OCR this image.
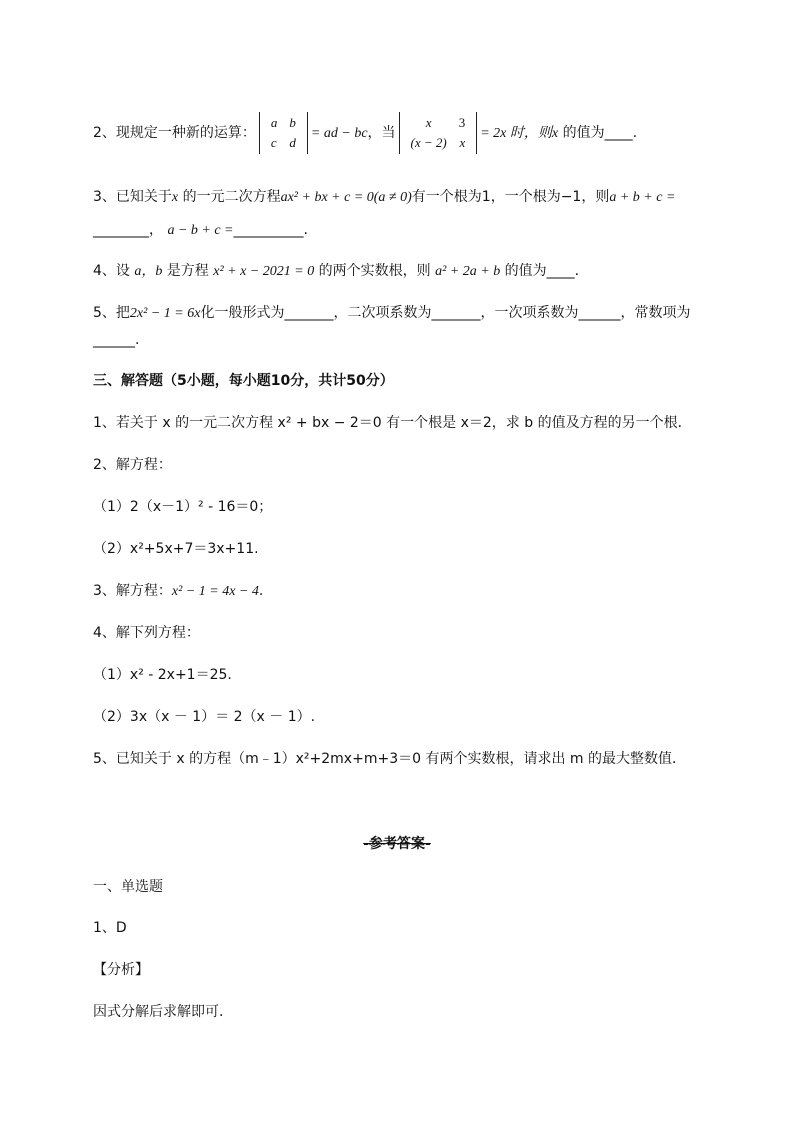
2、现规定一种新的运算：a	b
c	d= ad − bc，当x	3
(x − 2)	x= 2x 时，则x 的值为____.
3、已知关于x 的一元二次方程ax² + bx + c = 0(a ≠ 0)有一个根为1，一个根为−1，则a + b + c =
________， a − b + c =__________.
4、设 a，b 是方程 x² + x − 2021 = 0 的两个实数根，则 a² + 2a + b 的值为____.
5、把2x² − 1 = 6x化一般形式为_______，二次项系数为_______，一次项系数为______，常数项为
______.
三、解答题（5小题，每小题10分，共计50分）
1、若关于 x 的一元二次方程 x² + bx − 2＝0 有一个根是 x＝2，求 b 的值及方程的另一个根．
2、解方程：
（1）2（x－1）² - 16＝0；
（2）x²+5x+7＝3x+11.
3、解方程：x² − 1 = 4x − 4.
4、解下列方程：
（1）x² - 2x+1＝25.
（2）3x（x － 1）＝ 2（x － 1）.
5、已知关于 x 的方程（m﹣1）x²+2mx+m+3＝0 有两个实数根，请求出 m 的最大整数值．
-参考答案-
一、单选题
1、D
【分析】
因式分解后求解即可.
